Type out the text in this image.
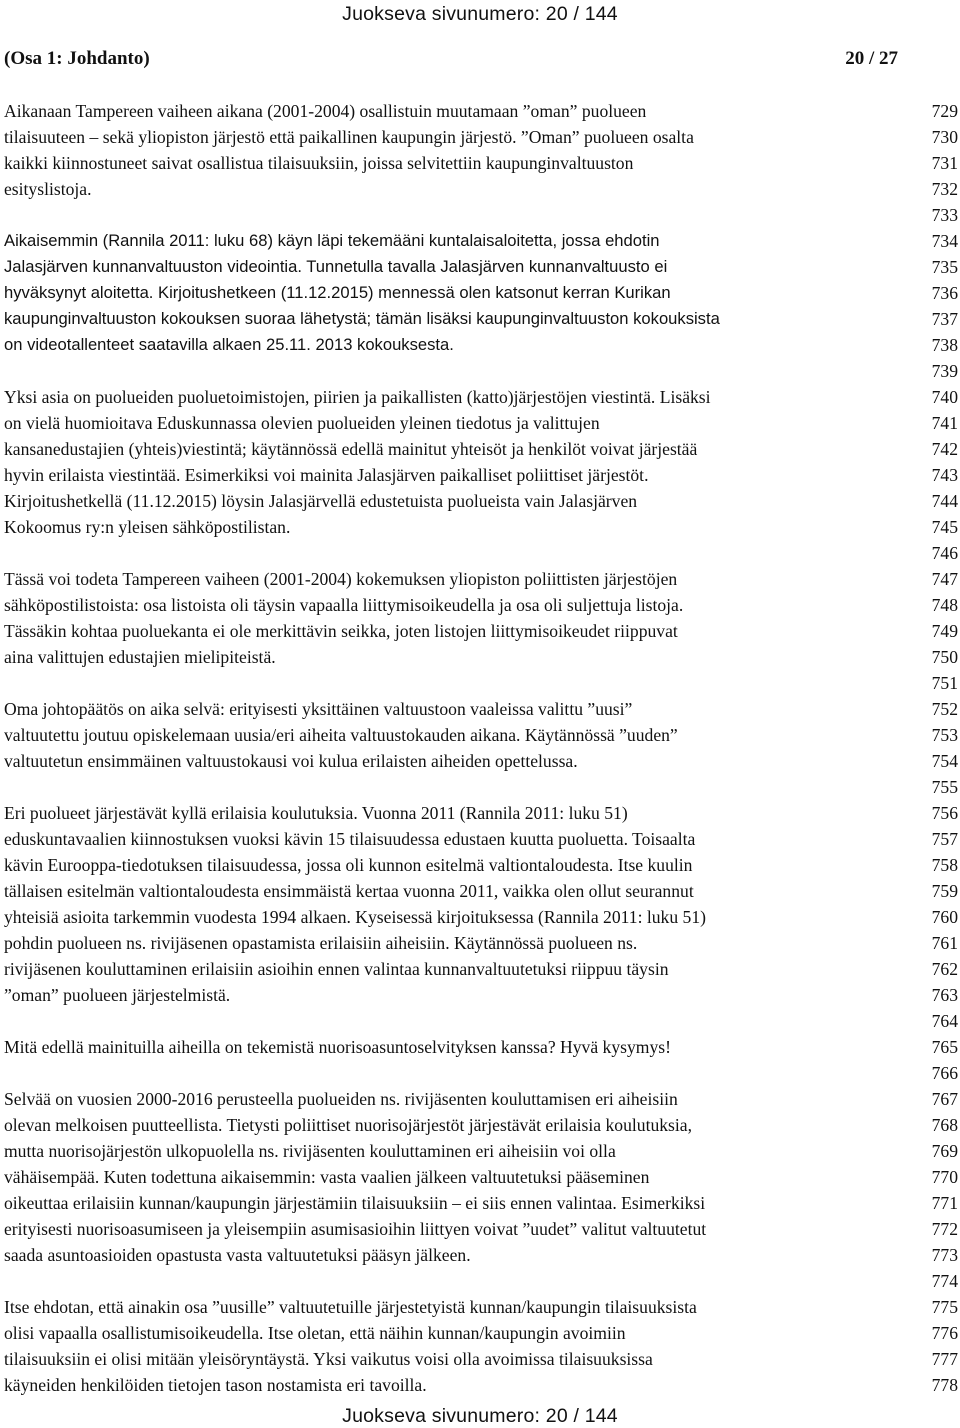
Juokseva sivunumero: 20 / 144
(Osa 1: Johdanto)	20 / 27
Aikanaan Tampereen vaiheen aikana (2001-2004) osallistuin muutamaan ”oman” puolueen	729
tilaisuuteen – sekä yliopiston järjestö että paikallinen kaupungin järjestö. ”Oman” puolueen osalta	730
kaikki kiinnostuneet saivat osallistua tilaisuuksiin, joissa selvitettiin kaupunginvaltuuston	731
esityslistoja.	732
733
Aikaisemmin (Rannila 2011: luku 68) käyn läpi tekemääni kuntalaisaloitetta, jossa ehdotin	734
Jalasjärven kunnanvaltuuston videointia. Tunnetulla tavalla Jalasjärven kunnanvaltuusto ei	735
hyväksynyt aloitetta. Kirjoitushetkeen (11.12.2015) mennessä olen katsonut kerran Kurikan	736
kaupunginvaltuuston kokouksen suoraa lähetystä; tämän lisäksi kaupunginvaltuuston kokouksista	737
on videotallenteet saatavilla alkaen 25.11. 2013 kokouksesta.	738
739
Yksi asia on puolueiden puoluetoimistojen, piirien ja paikallisten (katto)järjestöjen viestintä. Lisäksi	740
on vielä huomioitava Eduskunnassa olevien puolueiden yleinen tiedotus ja valittujen	741
kansanedustajien (yhteis)viestintä; käytännössä edellä mainitut yhteisöt ja henkilöt voivat järjestää	742
hyvin erilaista viestintää. Esimerkiksi voi mainita Jalasjärven paikalliset poliittiset järjestöt.	743
Kirjoitushetkellä (11.12.2015) löysin Jalasjärvellä edustetuista puolueista vain Jalasjärven	744
Kokoomus ry:n yleisen sähköpostilistan.	745
746
Tässä voi todeta Tampereen vaiheen (2001-2004) kokemuksen yliopiston poliittisten järjestöjen	747
sähköpostilistoista: osa listoista oli täysin vapaalla liittymisoikeudella ja osa oli suljettuja listoja.	748
Tässäkin kohtaa puoluekanta ei ole merkittävin seikka, joten listojen liittymisoikeudet riippuvat	749
aina valittujen edustajien mielipiteistä.	750
751
Oma johtopäätös on aika selvä: erityisesti yksittäinen valtuustoon vaaleissa valittu ”uusi”	752
valtuutettu joutuu opiskelemaan uusia/eri aiheita valtuustokauden aikana. Käytännössä ”uuden”	753
valtuutetun ensimmäinen valtuustokausi voi kulua erilaisten aiheiden opettelussa.	754
755
Eri puolueet järjestävät kyllä erilaisia koulutuksia. Vuonna 2011 (Rannila 2011: luku 51)	756
eduskuntavaalien kiinnostuksen vuoksi kävin 15 tilaisuudessa edustaen kuutta puoluetta. Toisaalta	757
kävin Eurooppa-tiedotuksen tilaisuudessa, jossa oli kunnon esitelmä valtiontaloudesta. Itse kuulin	758
tällaisen esitelmän valtiontaloudesta ensimmäistä kertaa vuonna 2011, vaikka olen ollut seurannut	759
yhteisiä asioita tarkemmin vuodesta 1994 alkaen. Kyseisessä kirjoituksessa (Rannila 2011: luku 51)	760
pohdin puolueen ns. rivijäsenen opastamista erilaisiin aiheisiin. Käytännössä puolueen ns.	761
rivijäsenen kouluttaminen erilaisiin asioihin ennen valintaa kunnanvaltuutetuksi riippuu täysin	762
”oman” puolueen järjestelmistä.	763
764
Mitä edellä mainituilla aiheilla on tekemistä nuorisoasuntoselvityksen kanssa? Hyvä kysymys!	765
766
Selvää on vuosien 2000-2016 perusteella puolueiden ns. rivijäsenten kouluttamisen eri aiheisiin	767
olevan melkoisen puutteellista. Tietysti poliittiset nuorisojärjestöt järjestävät erilaisia koulutuksia,	768
mutta nuorisojärjestön ulkopuolella ns. rivijäsenten kouluttaminen eri aiheisiin voi olla	769
vähäisempää. Kuten todettuna aikaisemmin: vasta vaalien jälkeen valtuutetuksi pääseminen	770
oikeuttaa erilaisiin kunnan/kaupungin järjestämiin tilaisuuksiin – ei siis ennen valintaa. Esimerkiksi	771
erityisesti nuorisoasumiseen ja yleisempiin asumisasioihin liittyen voivat ”uudet” valitut valtuutetut	772
saada asuntoasioiden opastusta vasta valtuutetuksi pääsyn jälkeen.	773
774
Itse ehdotan, että ainakin osa ”uusille” valtuutetuille järjestetyistä kunnan/kaupungin tilaisuuksista	775
olisi vapaalla osallistumisoikeudella. Itse oletan, että näihin kunnan/kaupungin avoimiin	776
tilaisuuksiin ei olisi mitään yleisöryntäystä. Yksi vaikutus voisi olla avoimissa tilaisuuksissa	777
käyneiden henkilöiden tietojen tason nostamista eri tavoilla.	778
Juokseva sivunumero: 20 / 144
